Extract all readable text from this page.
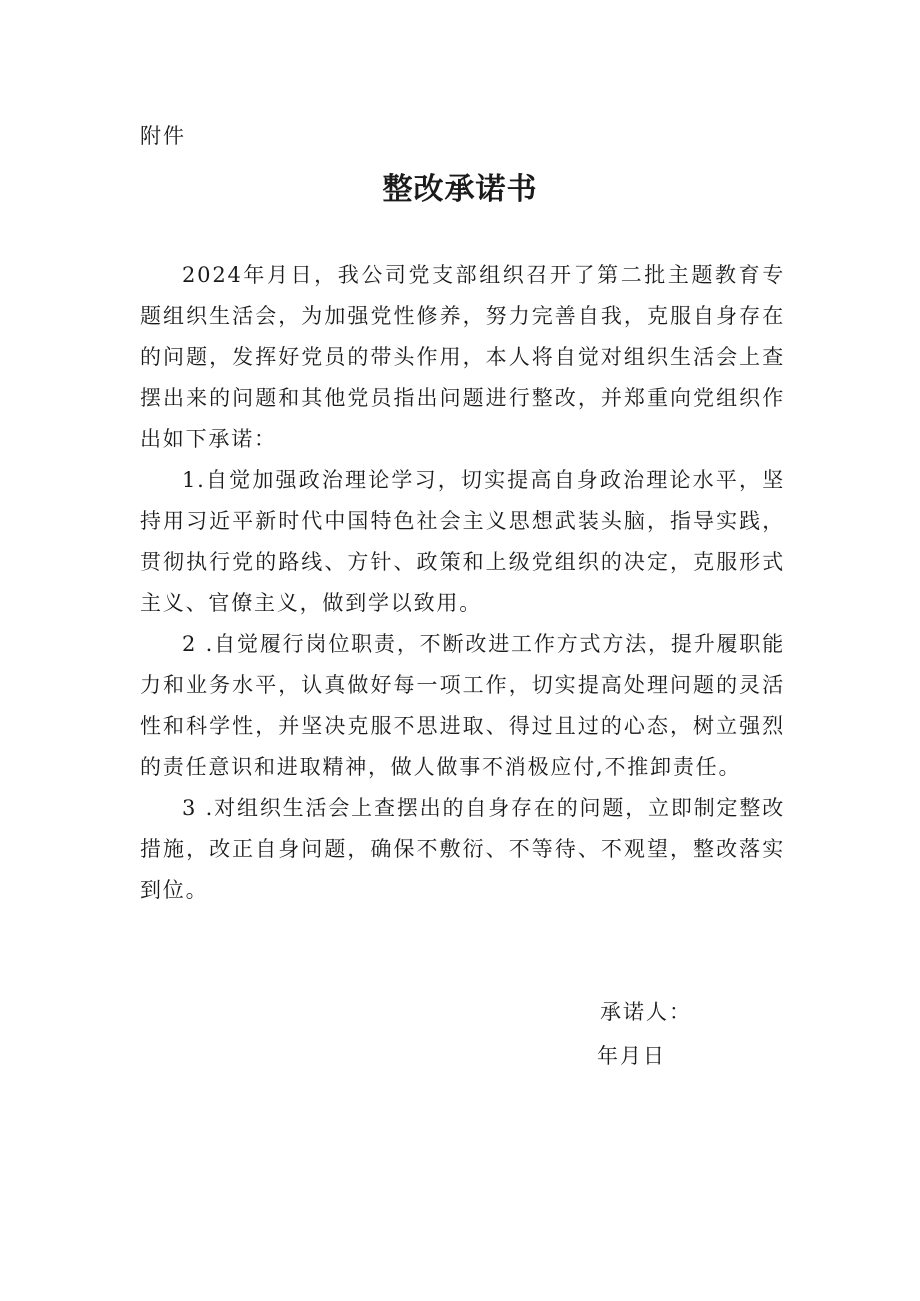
附件
整改承诺书

2024年月日，我公司党支部组织召开了第二批主题教育专题组织生活会，为加强党性修养，努力完善自我，克服自身存在的问题，发挥好党员的带头作用，本人将自觉对组织生活会上查摆出来的问题和其他党员指出问题进行整改，并郑重向党组织作出如下承诺：

1.自觉加强政治理论学习，切实提高自身政治理论水平，坚持用习近平新时代中国特色社会主义思想武装头脑，指导实践，贯彻执行党的路线、方针、政策和上级党组织的决定，克服形式主义、官僚主义，做到学以致用。

2 .自觉履行岗位职责，不断改进工作方式方法，提升履职能力和业务水平，认真做好每一项工作，切实提高处理问题的灵活性和科学性，并坚决克服不思进取、得过且过的心态，树立强烈的责任意识和进取精神，做人做事不消极应付,不推卸责任。

3 .对组织生活会上查摆出的自身存在的问题，立即制定整改措施，改正自身问题，确保不敷衍、不等待、不观望，整改落实到位。

承诺人：
年月日
